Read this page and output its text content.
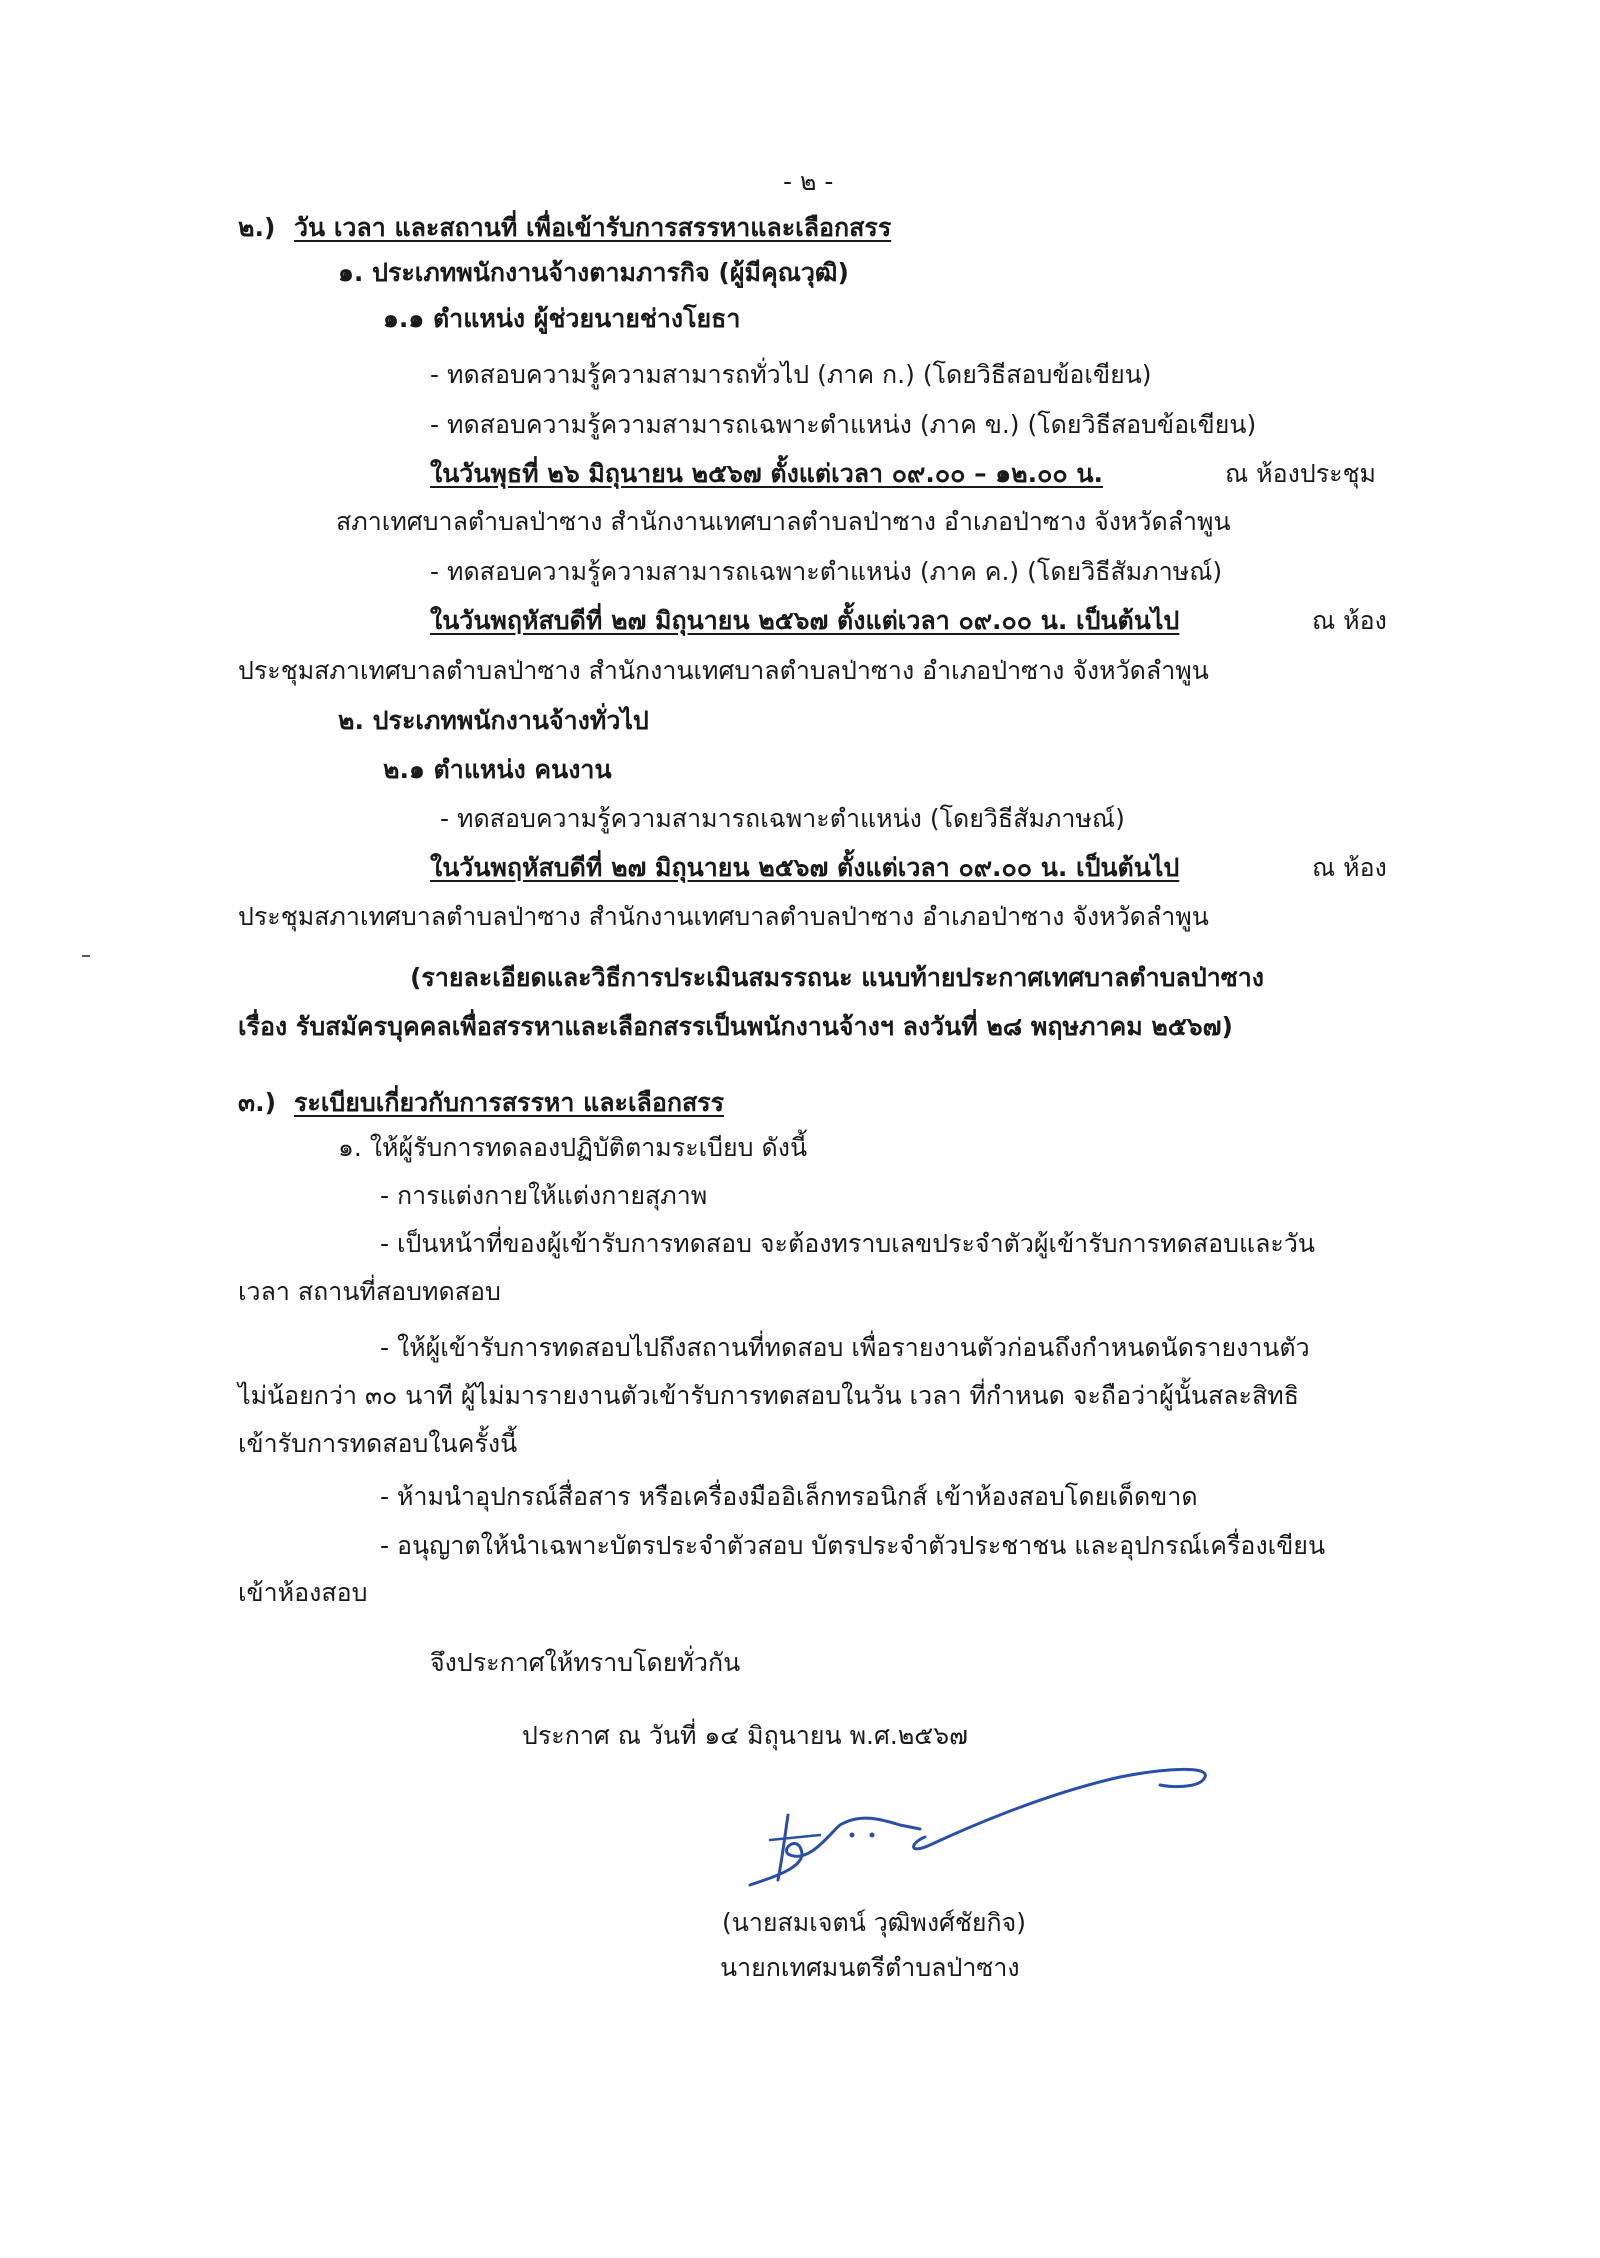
- ๒ -
๒.) วัน เวลา และสถานที่ เพื่อเข้ารับการสรรหาและเลือกสรร
๑. ประเภทพนักงานจ้างตามภารกิจ (ผู้มีคุณวุฒิ)
๑.๑ ตำแหน่ง ผู้ช่วยนายช่างโยธา
- ทดสอบความรู้ความสามารถทั่วไป (ภาค ก.) (โดยวิธีสอบข้อเขียน)
- ทดสอบความรู้ความสามารถเฉพาะตำแหน่ง (ภาค ข.) (โดยวิธีสอบข้อเขียน)
ในวันพุธที่ ๒๖ มิถุนายน ๒๕๖๗ ตั้งแต่เวลา ๐๙.๐๐ – ๑๒.๐๐ น.	ณ ห้องประชุม
สภาเทศบาลตำบลป่าซาง สำนักงานเทศบาลตำบลป่าซาง อำเภอป่าซาง จังหวัดลำพูน
- ทดสอบความรู้ความสามารถเฉพาะตำแหน่ง (ภาค ค.) (โดยวิธีสัมภาษณ์)
ในวันพฤหัสบดีที่ ๒๗ มิถุนายน ๒๕๖๗ ตั้งแต่เวลา ๐๙.๐๐ น. เป็นต้นไป	ณ ห้อง
ประชุมสภาเทศบาลตำบลป่าซาง สำนักงานเทศบาลตำบลป่าซาง อำเภอป่าซาง จังหวัดลำพูน
๒. ประเภทพนักงานจ้างทั่วไป
๒.๑ ตำแหน่ง คนงาน
- ทดสอบความรู้ความสามารถเฉพาะตำแหน่ง (โดยวิธีสัมภาษณ์)
ในวันพฤหัสบดีที่ ๒๗ มิถุนายน ๒๕๖๗ ตั้งแต่เวลา ๐๙.๐๐ น. เป็นต้นไป	ณ ห้อง
ประชุมสภาเทศบาลตำบลป่าซาง สำนักงานเทศบาลตำบลป่าซาง อำเภอป่าซาง จังหวัดลำพูน
(รายละเอียดและวิธีการประเมินสมรรถนะ แนบท้ายประกาศเทศบาลตำบลป่าซาง
เรื่อง รับสมัครบุคคลเพื่อสรรหาและเลือกสรรเป็นพนักงานจ้างฯ ลงวันที่ ๒๘ พฤษภาคม ๒๕๖๗)
๓.) ระเบียบเกี่ยวกับการสรรหา และเลือกสรร
๑. ให้ผู้รับการทดลองปฏิบัติตามระเบียบ ดังนี้
- การแต่งกายให้แต่งกายสุภาพ
- เป็นหน้าที่ของผู้เข้ารับการทดสอบ จะต้องทราบเลขประจำตัวผู้เข้ารับการทดสอบและวัน
เวลา สถานที่สอบทดสอบ
- ให้ผู้เข้ารับการทดสอบไปถึงสถานที่ทดสอบ เพื่อรายงานตัวก่อนถึงกำหนดนัดรายงานตัว
ไม่น้อยกว่า ๓๐ นาที ผู้ไม่มารายงานตัวเข้ารับการทดสอบในวัน เวลา ที่กำหนด จะถือว่าผู้นั้นสละสิทธิ
เข้ารับการทดสอบในครั้งนี้
- ห้ามนำอุปกรณ์สื่อสาร หรือเครื่องมืออิเล็กทรอนิกส์ เข้าห้องสอบโดยเด็ดขาด
- อนุญาตให้นำเฉพาะบัตรประจำตัวสอบ บัตรประจำตัวประชาชน และอุปกรณ์เครื่องเขียน
เข้าห้องสอบ
จึงประกาศให้ทราบโดยทั่วกัน
ประกาศ ณ วันที่ ๑๔ มิถุนายน พ.ศ.๒๕๖๗
(นายสมเจตน์ วุฒิพงศ์ชัยกิจ)
นายกเทศมนตรีตำบลป่าซาง
